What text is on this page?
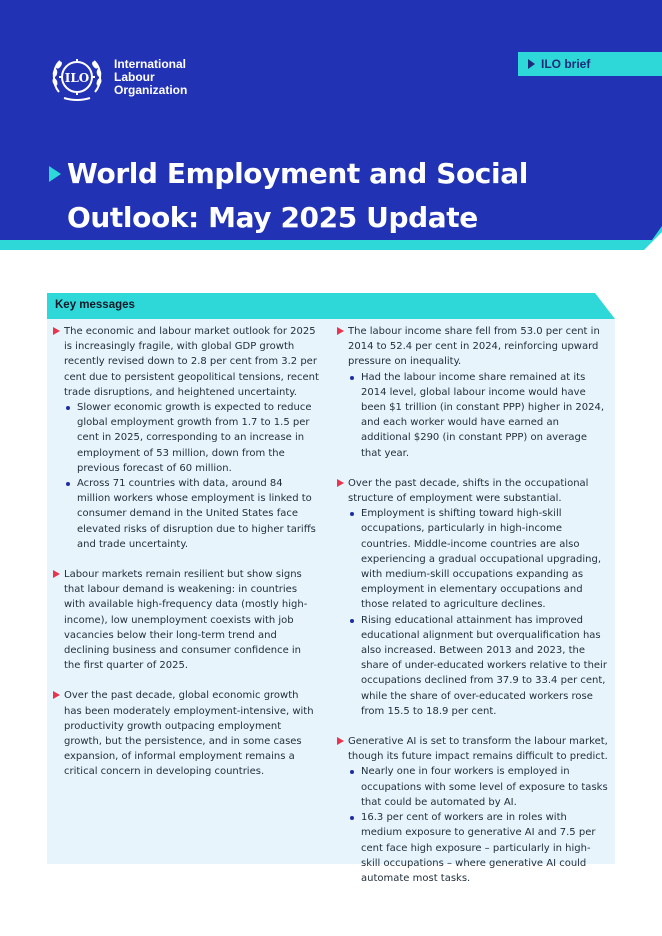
ILO
International
Labour
Organization
ILO brief
World Employment and Social Outlook: May 2025 Update
Key messages
The economic and labour market outlook for 2025 is increasingly fragile, with global GDP growth recently revised down to 2.8 per cent from 3.2 per cent due to persistent geopolitical tensions, recent trade disruptions, and heightened uncertainty.
Slower economic growth is expected to reduce global employment growth from 1.7 to 1.5 per cent in 2025, corresponding to an increase in employment of 53 million, down from the previous forecast of 60 million.
Across 71 countries with data, around 84 million workers whose employment is linked to consumer demand in the United States face elevated risks of disruption due to higher tariffs and trade uncertainty.
Labour markets remain resilient but show signs that labour demand is weakening: in countries with available high-frequency data (mostly high-income), low unemployment coexists with job vacancies below their long-term trend and declining business and consumer confidence in the first quarter of 2025.
Over the past decade, global economic growth has been moderately employment-intensive, with productivity growth outpacing employment growth, but the persistence, and in some cases expansion, of informal employment remains a critical concern in developing countries.
The labour income share fell from 53.0 per cent in 2014 to 52.4 per cent in 2024, reinforcing upward pressure on inequality.
Had the labour income share remained at its 2014 level, global labour income would have been $1 trillion (in constant PPP) higher in 2024, and each worker would have earned an additional $290 (in constant PPP) on average that year.
Over the past decade, shifts in the occupational structure of employment were substantial.
Employment is shifting toward high-skill occupations, particularly in high-income countries. Middle-income countries are also experiencing a gradual occupational upgrading, with medium-skill occupations expanding as employment in elementary occupations and those related to agriculture declines.
Rising educational attainment has improved educational alignment but overqualification has also increased. Between 2013 and 2023, the share of under-educated workers relative to their occupations declined from 37.9 to 33.4 per cent, while the share of over-educated workers rose from 15.5 to 18.9 per cent.
Generative AI is set to transform the labour market, though its future impact remains difficult to predict.
Nearly one in four workers is employed in occupations with some level of exposure to tasks that could be automated by AI.
16.3 per cent of workers are in roles with medium exposure to generative AI and 7.5 per cent face high exposure – particularly in high-skill occupations – where generative AI could automate most tasks.
